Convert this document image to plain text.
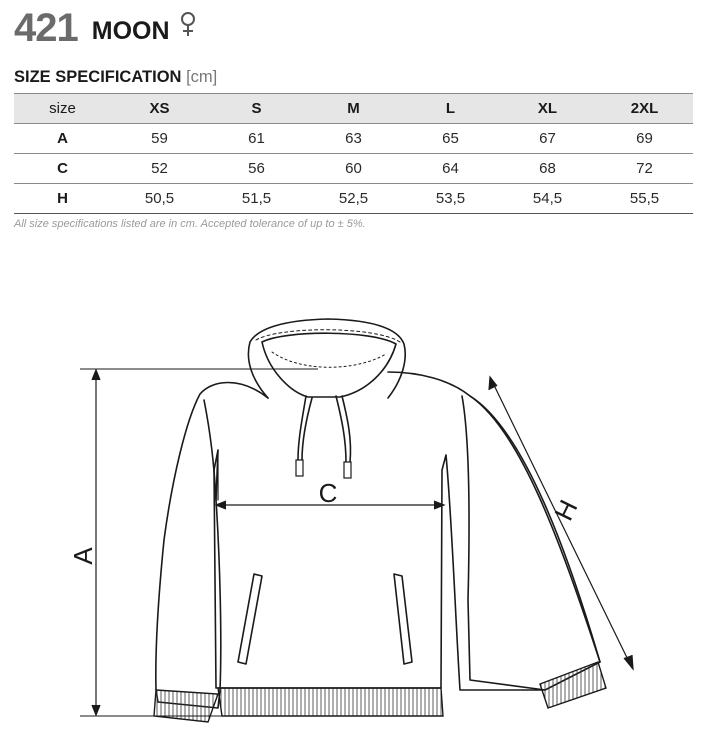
421 MOON
SIZE SPECIFICATION [cm]
size	XS	S	M	L	XL	2XL
A	59	61	63	65	67	69
C	52	56	60	64	68	72
H	50,5	51,5	52,5	53,5	54,5	55,5
All size specifications listed are in cm. Accepted tolerance of up to ± 5%.
A
C
H
